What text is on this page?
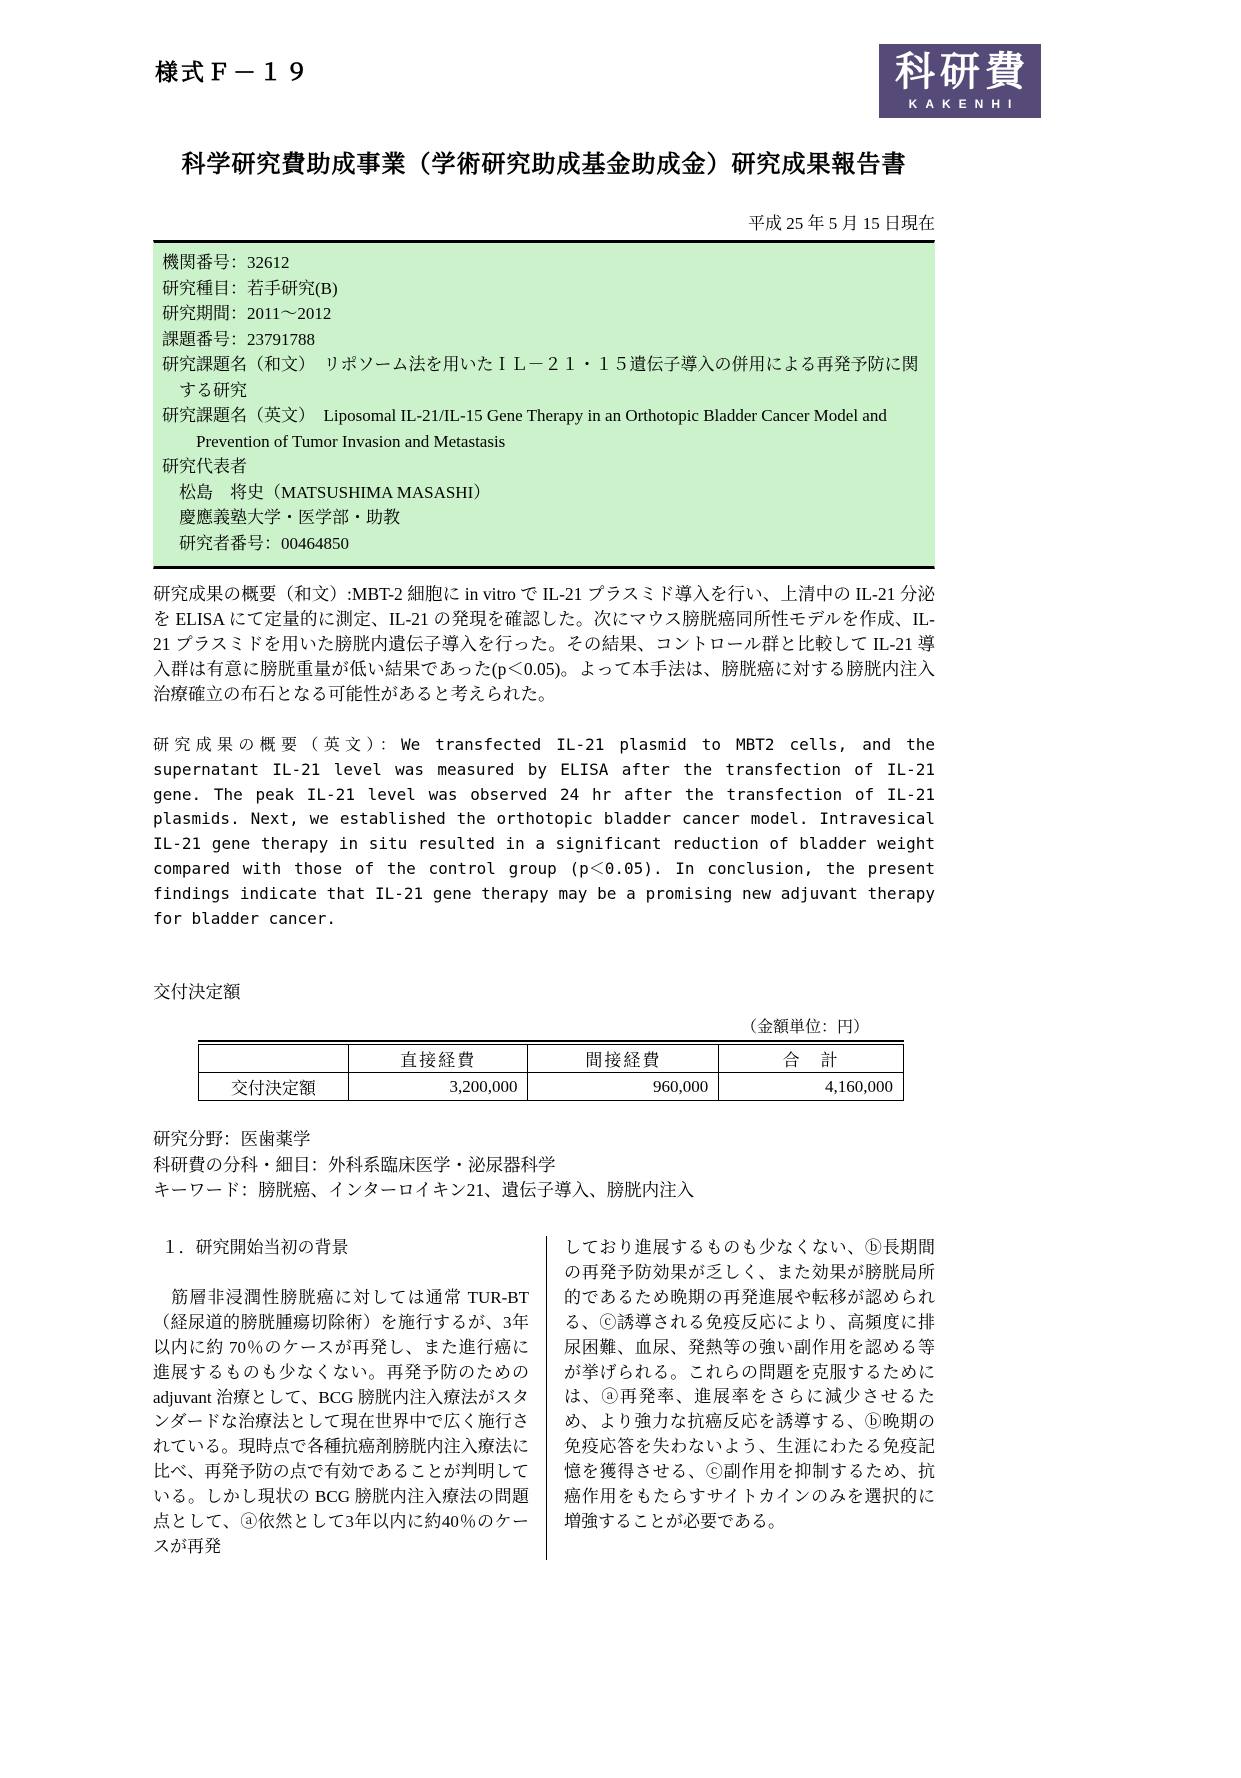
様式Ｆ－１９	科研費
KAKENHI
科学研究費助成事業（学術研究助成基金助成金）研究成果報告書
平成 25 年 5 月 15 日現在
機関番号：32612
研究種目：若手研究(B)
研究期間：2011～2012
課題番号：23791788
研究課題名（和文）　リポソーム法を用いたＩＬ－２１・１５遺伝子導入の併用による再発予防に関する研究
研究課題名（英文）　Liposomal IL-21/IL-15 Gene Therapy in an Orthotopic Bladder Cancer Model and Prevention of Tumor Invasion and Metastasis
研究代表者
松島　将史（MATSUSHIMA MASASHI）
慶應義塾大学・医学部・助教
研究者番号：00464850

研究成果の概要（和文）:MBT-2 細胞に in vitro で IL-21 プラスミド導入を行い、上清中の IL-21 分泌を ELISA にて定量的に測定、IL-21 の発現を確認した。次にマウス膀胱癌同所性モデルを作成、IL-21 プラスミドを用いた膀胱内遺伝子導入を行った。その結果、コントロール群と比較して IL-21 導入群は有意に膀胱重量が低い結果であった(p＜0.05)。よって本手法は、膀胱癌に対する膀胱内注入治療確立の布石となる可能性があると考えられた。

研究成果の概要（英文）：We transfected IL-21 plasmid to MBT2 cells, and the supernatant IL-21 level was measured by ELISA after the transfection of IL-21 gene. The peak IL-21 level was observed 24 hr after the transfection of IL-21 plasmids. Next, we established the orthotopic bladder cancer model. Intravesical IL-21 gene therapy in situ resulted in a significant reduction of bladder weight compared with those of the control group (p＜0.05). In conclusion, the present findings indicate that IL-21 gene therapy may be a promising new adjuvant therapy for bladder cancer.

交付決定額
（金額単位：円）
	直接経費	間接経費	合　計
交付決定額	3,200,000	960,000	4,160,000
研究分野：医歯薬学
科研費の分科・細目：外科系臨床医学・泌尿器科学
キーワード：膀胱癌、インターロイキン21、遺伝子導入、膀胱内注入
１．研究開始当初の背景

　筋層非浸潤性膀胱癌に対しては通常 TUR-BT（経尿道的膀胱腫瘍切除術）を施行するが、3年以内に約 70％のケースが再発し、また進行癌に進展するものも少なくない。再発予防のための adjuvant 治療として、BCG 膀胱内注入療法がスタンダードな治療法として現在世界中で広く施行されている。現時点で各種抗癌剤膀胱内注入療法に比べ、再発予防の点で有効であることが判明している。しかし現状の BCG 膀胱内注入療法の問題点として、ⓐ依然として3年以内に約40％のケースが再発

しており進展するものも少なくない、ⓑ長期間の再発予防効果が乏しく、また効果が膀胱局所的であるため晩期の再発進展や転移が認められる、ⓒ誘導される免疫反応により、高頻度に排尿困難、血尿、発熱等の強い副作用を認める等が挙げられる。これらの問題を克服するためには、ⓐ再発率、進展率をさらに減少させるため、より強力な抗癌反応を誘導する、ⓑ晩期の免疫応答を失わないよう、生涯にわたる免疫記憶を獲得させる、ⓒ副作用を抑制するため、抗癌作用をもたらすサイトカインのみを選択的に増強することが必要である。
